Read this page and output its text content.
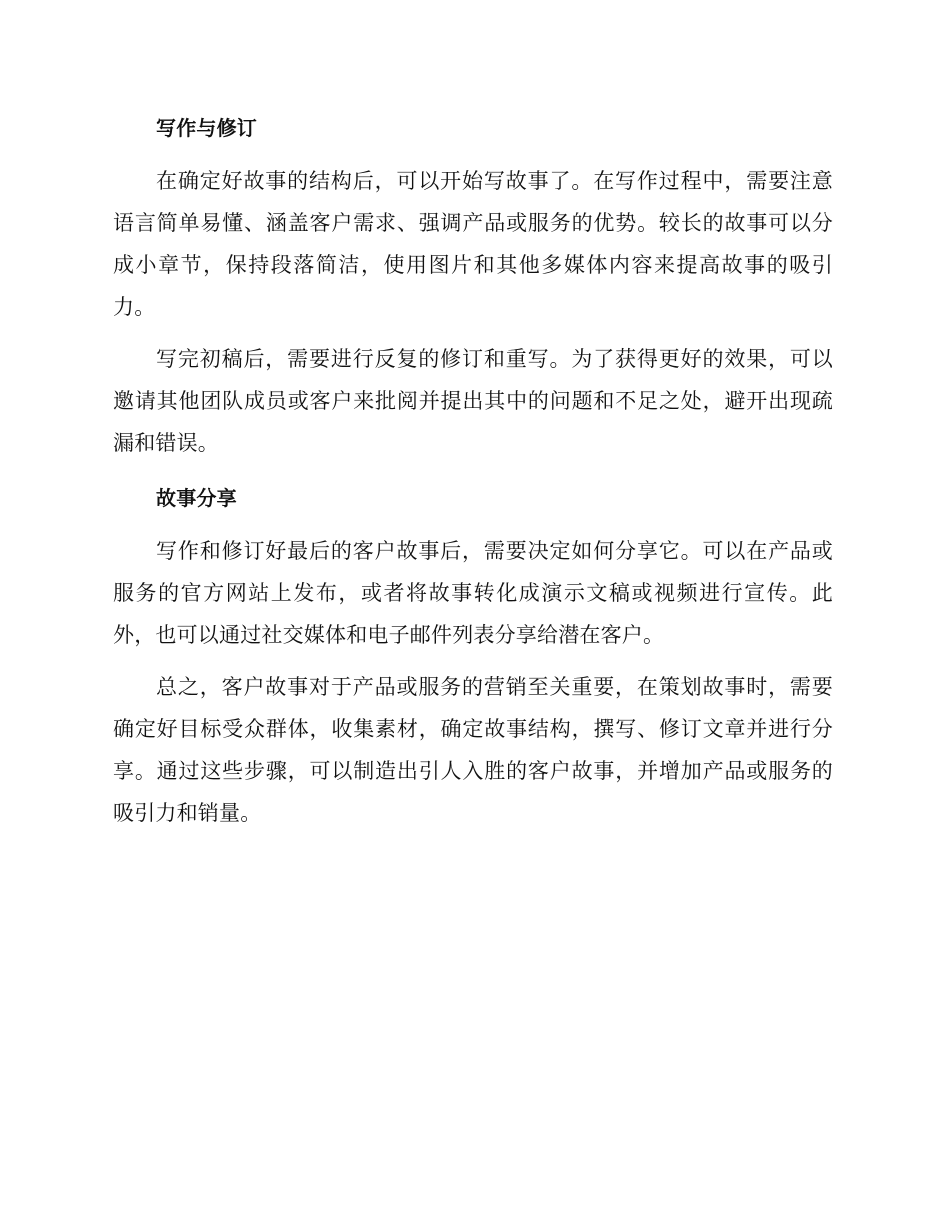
写作与修订

在确定好故事的结构后，可以开始写故事了。在写作过程中，需要注意语言简单易懂、涵盖客户需求、强调产品或服务的优势。较长的故事可以分成小章节，保持段落简洁，使用图片和其他多媒体内容来提高故事的吸引力。

写完初稿后，需要进行反复的修订和重写。为了获得更好的效果，可以邀请其他团队成员或客户来批阅并提出其中的问题和不足之处，避开出现疏漏和错误。

故事分享

写作和修订好最后的客户故事后，需要决定如何分享它。可以在产品或服务的官方网站上发布，或者将故事转化成演示文稿或视频进行宣传。此外，也可以通过社交媒体和电子邮件列表分享给潜在客户。

总之，客户故事对于产品或服务的营销至关重要，在策划故事时，需要确定好目标受众群体，收集素材，确定故事结构，撰写、修订文章并进行分享。通过这些步骤，可以制造出引人入胜的客户故事，并增加产品或服务的吸引力和销量。
